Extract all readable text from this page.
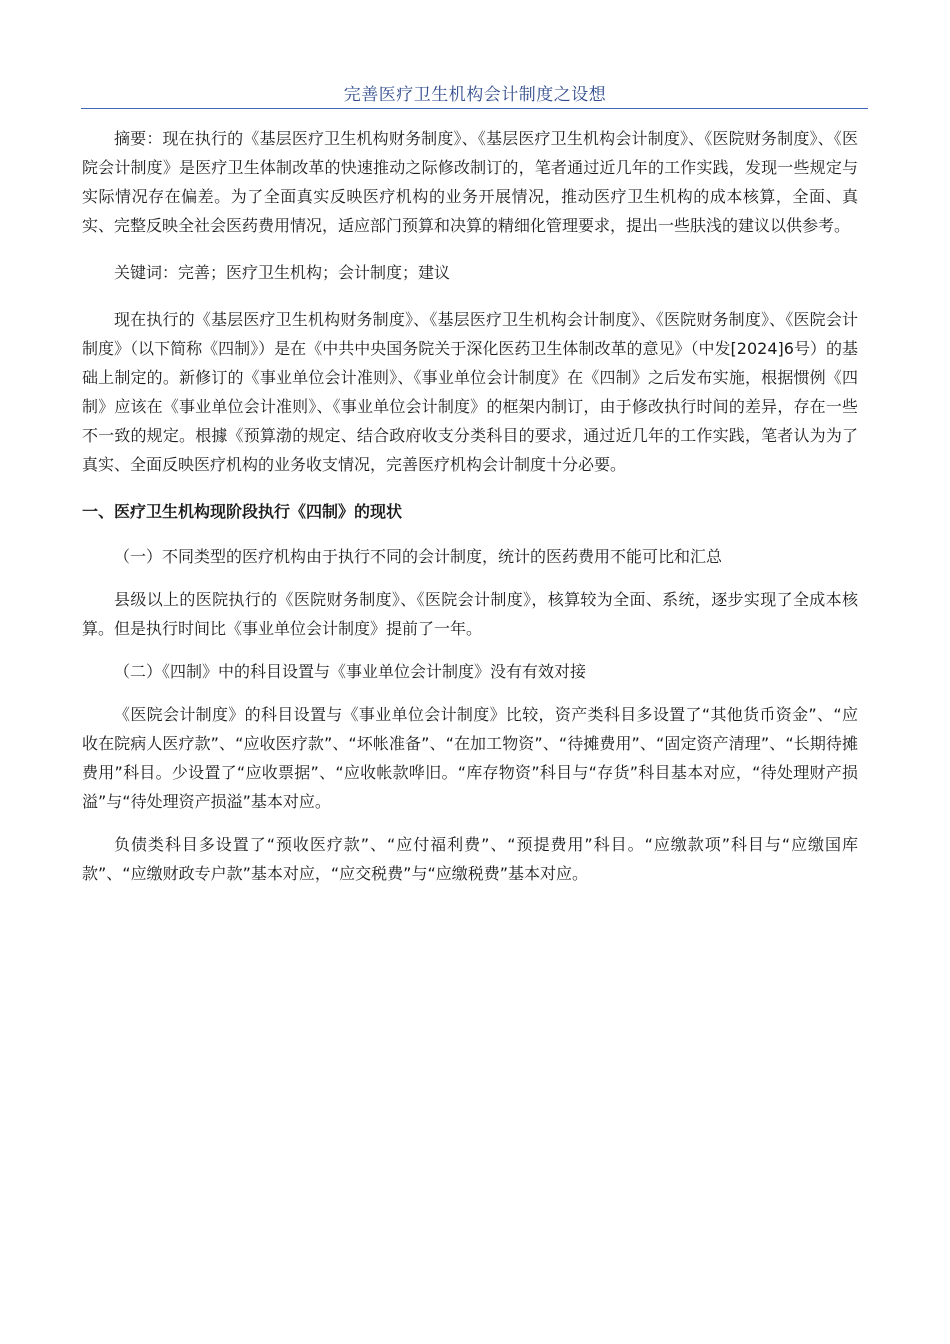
完善医疗卫生机构会计制度之设想

摘要：现在执行的《基层医疗卫生机构财务制度》、《基层医疗卫生机构会计制度》、《医院财务制度》、《医院会计制度》是医疗卫生体制改革的快速推动之际修改制订的，笔者通过近几年的工作实践，发现一些规定与实际情况存在偏差。为了全面真实反映医疗机构的业务开展情况，推动医疗卫生机构的成本核算，全面、真实、完整反映全社会医药费用情况，适应部门预算和决算的精细化管理要求，提出一些肤浅的建议以供参考。

关键词：完善；医疗卫生机构；会计制度；建议

现在执行的《基层医疗卫生机构财务制度》、《基层医疗卫生机构会计制度》、《医院财务制度》、《医院会计制度》（以下简称《四制》）是在《中共中央国务院关于深化医药卫生体制改革的意见》（中发[2024]6号）的基础上制定的。新修订的《事业单位会计准则》、《事业单位会计制度》在《四制》之后发布实施，根据惯例《四制》应该在《事业单位会计准则》、《事业单位会计制度》的框架内制订，由于修改执行时间的差异，存在一些不一致的规定。根據《预算渤的规定、结合政府收支分类科目的要求，通过近几年的工作实践，笔者认为为了真实、全面反映医疗机构的业务收支情况，完善医疗机构会计制度十分必要。

一、医疗卫生机构现阶段执行《四制》的现状

（一）不同类型的医疗机构由于执行不同的会计制度，统计的医药费用不能可比和汇总

县级以上的医院执行的《医院财务制度》、《医院会计制度》，核算较为全面、系统，逐步实现了全成本核算。但是执行时间比《事业单位会计制度》提前了一年。

（二）《四制》中的科目设置与《事业单位会计制度》没有有效对接

《医院会计制度》的科目设置与《事业单位会计制度》比较，资产类科目多设置了“其他货币资金”、“应收在院病人医疗款”、“应收医疗款”、“坏帐准备”、“在加工物资”、“待摊费用”、“固定资产清理”、“长期待摊费用”科目。少设置了“应收票据”、“应收帐款哗旧。“库存物资”科目与“存货”科目基本对应，“待处理财产损溢”与“待处理资产损溢”基本对应。

负债类科目多设置了“预收医疗款”、“应付福利费”、“预提费用”科目。“应缴款项”科目与“应缴国库款”、“应缴财政专户款”基本对应，“应交税费”与“应缴税费”基本对应。
